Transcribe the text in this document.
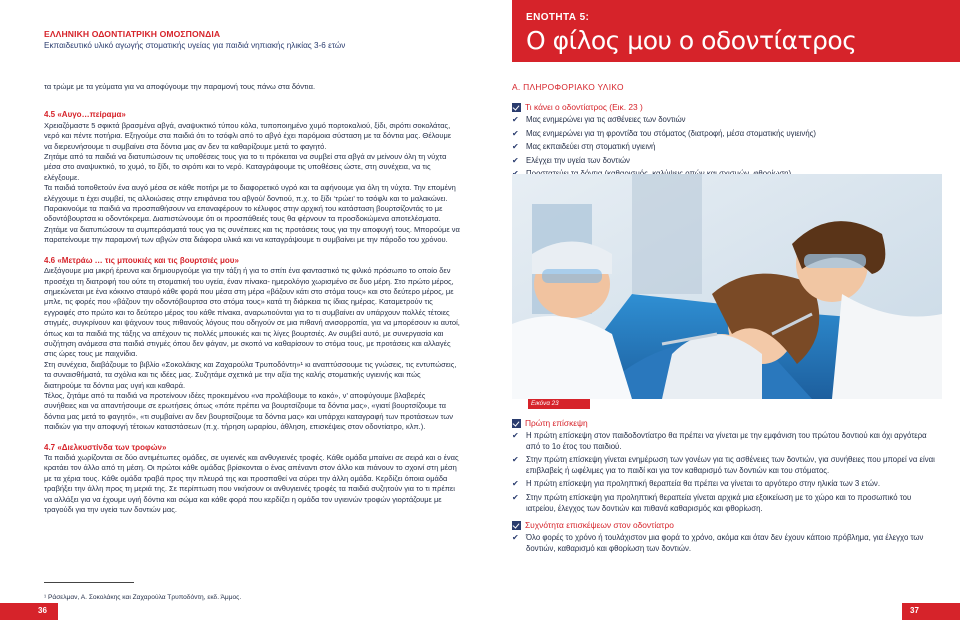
ΕΛΛΗΝΙΚΗ ΟΔΟΝΤΙΑΤΡΙΚΗ ΟΜΟΣΠΟΝΔΙΑ
Εκπαιδευτικό υλικό αγωγής στοματικής υγείας για παιδιά νηπιακής ηλικίας 3-6 ετών
ΕΝΟΤΗΤΑ 5:
Ο φίλος μου ο οδοντίατρος

τα τρώμε με τα γεύματα για να αποφύγουμε την παραμονή τους πάνω στα δόντια.

4.5 «Αυγο…πείραμα»

Χρειαζόμαστε 5 σφικτά βρασμένα αβγά, αναψυκτικό τύπου κόλα, τυποποιημένο χυμό πορτοκαλιού, ξίδι, σιρόπι σοκολάτας, νερό και πέντε ποτήρια. Εξηγούμε στα παιδιά ότι το τσόφλι από το αβγό έχει παρόμοια σύσταση με τα δόντια μας. Θέλουμε να διερευνήσουμε τι συμβαίνει στα δόντια μας αν δεν τα καθαρίζουμε μετά το φαγητό.

Ζητάμε από τα παιδιά να διατυπώσουν τις υποθέσεις τους για το τι πρόκειται να συμβεί στα αβγά αν μείνουν όλη τη νύχτα μέσα στο αναψυκτικό, το χυμό, το ξίδι, το σιρόπι και το νερό. Καταγράφουμε τις υποθέσεις ώστε, στη συνέχεια, να τις ελέγξουμε.

Τα παιδιά τοποθετούν ένα αυγό μέσα σε κάθε ποτήρι με το διαφορετικό υγρό και τα αφήνουμε για όλη τη νύχτα. Την επομένη ελέγχουμε τι έχει συμβεί, τις αλλοιώσεις στην επιφάνεια του αβγού/ δοντιού, π.χ. το ξίδι ‘τρώει’ το τσόφλι και το μαλακώνει. Παρακινούμε τα παιδιά να προσπαθήσουν να επαναφέρουν το κέλυφος στην αρχική του κατάσταση βουρτσίζοντάς το με οδοντόβουρτσα κι οδοντόκρεμα. Διαπιστώνουμε ότι οι προσπάθειές τους θα φέρνουν τα προσδοκώμενα αποτελέσματα. Ζητάμε να διατυπώσουν τα συμπεράσματά τους για τις συνέπειες και τις προτάσεις τους για την αποφυγή τους. Μπορούμε να παρατείνουμε την παραμονή των αβγών στα διάφορα υλικά και να καταγράψουμε τι συμβαίνει με την πάροδο του χρόνου.

4.6 «Μετράω … τις μπουκιές και τις βουρτσιές μου»

Διεξάγουμε μια μικρή έρευνα και δημιουργούμε για την τάξη ή για το σπίτι ένα φανταστικό τις φιλικό πρόσωπο το οποίο δεν προσέχει τη διατροφή του ούτε τη στοματική του υγεία, έναν πίνακα- ημερολόγιο χωρισμένο σε δυο μέρη. Στο πρώτο μέρος, σημειώνεται με ένα κόκκινο σταυρό κάθε φορά που μέσα στη μέρα «βάζουν κάτι στο στόμα τους» και στο δεύτερο μέρος, με μπλε, τις φορές που «βάζουν την οδοντόβουρτσα στο στόμα τους» κατά τη διάρκεια τις ίδιας ημέρας. Καταμετρούν τις εγγραφές στο πρώτο και το δεύτερο μέρος του κάθε πίνακα, αναρωτιούνται για το τι συμβαίνει αν υπάρχουν πολλές τέτοιες στιγμές, συγκρίνουν και ψάχνουν τους πιθανούς λόγους που οδηγούν σε μια πιθανή ανισορροπία, για να μπορέσουν κι αυτοί, όπως και τα παιδιά της τάξης να απέχουν τις πολλές μπουκιές και τις λίγες βουρτσιές. Αν συμβεί αυτό, με συνεργασία και συζήτηση ανάμεσα στα παιδιά στιγμές όπου δεν φάγαν, με σκοπό να καθαρίσουν το στόμα τους, με προτάσεις και αλλαγές στις ώρες τους με παιχνίδια.

Στη συνέχεια, διαβάζουμε το βιβλίο «Σοκολάκης και Ζαχαρούλα Τρυποδόντη»¹ κι αναπτύσσουμε τις γνώσεις, τις εντυπώσεις, τα συναισθήματά, τα σχόλια και τις ιδέες μας. Συζητάμε σχετικά με την αξία της καλής στοματικής υγιεινής και πώς διατηρούμε τα δόντια μας υγιή και καθαρά.

Τέλος, ζητάμε από τα παιδιά να προτείνουν ιδέες προκειμένου «να προλάβουμε το κακό», ν’ αποφύγουμε βλαβερές συνήθειες και να απαντήσουμε σε ερωτήσεις όπως «πότε πρέπει να βουρτσίζουμε τα δόντια μας», «γιατί βουρτσίζουμε τα δόντια μας μετά το φαγητό», «τι συμβαίνει αν δεν βουρτσίζουμε τα δόντια μας» και υπάρχει καταγραφή των προτάσεων των παιδιών για την αποφυγή τέτοιων καταστάσεων (π.χ. τήρηση ωραρίου, άθληση, επισκέψεις στον οδοντίατρο, κλπ.).

4.7 «Διελκυστίνδα των τροφών»

Τα παιδιά χωρίζονται σε δύο αντιμέτωπες ομάδες, σε υγιεινές και ανθυγιεινές τροφές. Κάθε ομάδα μπαίνει σε σειρά και ο ένας κρατάει τον άλλο από τη μέση. Οι πρώτοι κάθε ομάδας βρίσκονται ο ένας απέναντι στον άλλο και πιάνουν το σχοινί στη μέση με τα χέρια τους. Κάθε ομάδα τραβά προς την πλευρά της και προσπαθεί να σύρει την άλλη ομάδα. Κερδίζει όποια ομάδα τραβήξει την άλλη προς τη μεριά της. Σε περίπτωση που νικήσουν οι ανθυγιεινές τροφές τα παιδιά συζητούν για το τι πρέπει να αλλάξει για να έχουμε υγιή δόντια και σώμα και κάθε φορά που κερδίζει η ομάδα τον υγιεινών τροφών γιορτάζουμε με τραγούδι για την υγεία των δοντιών μας.

¹ Ράσελμαν, Α. Σοκολάκης και Ζαχαρούλα Τρυποδόντη, εκδ. Άμμος.
36
Α. ΠΛΗΡΟΦΟΡΙΑΚΟ ΥΛΙΚΟ
Τι κάνει ο οδοντίατρος (Εικ. 23 )
✔ Μας ενημερώνει για τις ασθένειες των δοντιών
✔ Μας ενημερώνει για τη φροντίδα του στόματος (διατροφή, μέσα στοματικής υγιεινής)
✔ Μας εκπαιδεύει στη στοματική υγιεινή
✔ Ελέγχει την υγεία των δοντιών
Εικόνα 23
Πρώτη επίσκεψη
✔ Η πρώτη επίσκεψη στον παιδοδοντίατρο θα πρέπει να γίνεται με την εμφάνιση του πρώτου δοντιού και όχι αργότερα από το 1ο έτος του παιδιού.
✔ Στην πρώτη επίσκεψη γίνεται ενημέρωση των γονέων για τις ασθένειες των δοντιών, για συνήθειες που μπορεί να είναι επιβλαβείς ή ωφέλιμες για το παιδί και για τον καθαρισμό των δοντιών και του στόματος.
✔ Η πρώτη επίσκεψη για προληπτική θεραπεία θα πρέπει να γίνεται το αργότερο στην ηλικία των 3 ετών.
✔ Στην πρώτη επίσκεψη για προληπτική θεραπεία γίνεται αρχικά μια εξοικείωση με το χώρο και το προσωπικό του ιατρείου, έλεγχος των δοντιών και πιθανά καθαρισμός και φθορίωση.
Συχνότητα επισκέψεων στον οδοντίατρο
✔ Όλο φορές το χρόνο ή τουλάχιστον μια φορά το χρόνο, ακόμα και όταν δεν έχουν κάποιο πρόβλημα, για έλεγχο των δοντιών, καθαρισμό και φθορίωση των δοντιών.
37
